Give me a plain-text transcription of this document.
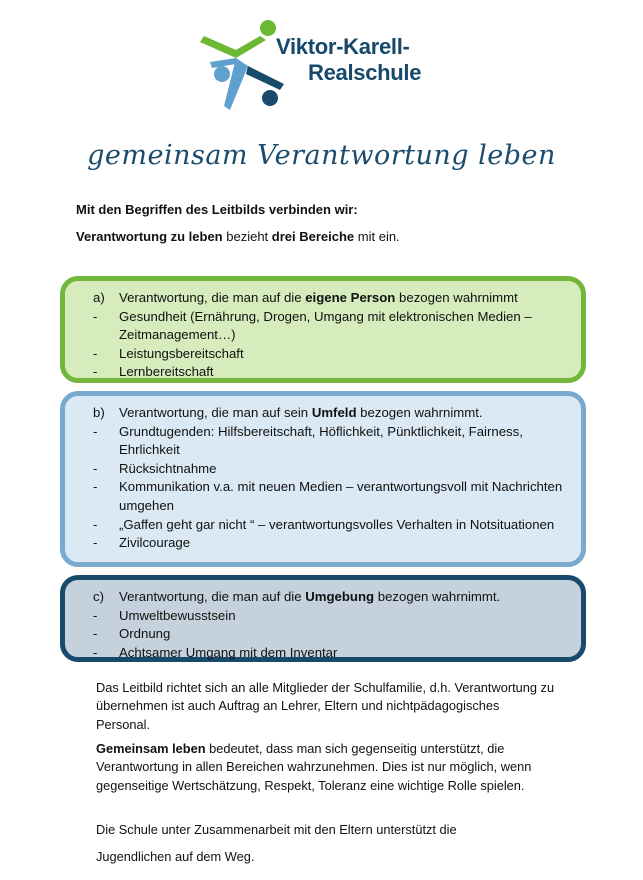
Viktor-Karell-
Realschule
gemeinsam Verantwortung leben
Mit den Begriffen des Leitbilds verbinden wir:
Verantwortung zu leben bezieht drei Bereiche mit ein.
a)	Verantwortung, die man auf die eigene Person bezogen wahrnimmt
-	Gesundheit (Ernährung, Drogen, Umgang mit elektronischen Medien – Zeitmanagement…)
-	Leistungsbereitschaft
-	Lernbereitschaft
b)	Verantwortung, die man auf sein Umfeld bezogen wahrnimmt.
-	Grundtugenden: Hilfsbereitschaft, Höflichkeit, Pünktlichkeit, Fairness, Ehrlichkeit
-	Rücksichtnahme
-	Kommunikation v.a. mit neuen Medien – verantwortungsvoll mit Nachrichten umgehen
-	„Gaffen geht gar nicht “ – verantwortungsvolles Verhalten in Notsituationen
-	Zivilcourage
c)	Verantwortung, die man auf die Umgebung bezogen wahrnimmt.
-	Umweltbewusstsein
-	Ordnung
-	Achtsamer Umgang mit dem Inventar
Das Leitbild richtet sich an alle Mitglieder der Schulfamilie, d.h. Verantwortung zu übernehmen ist auch Auftrag an Lehrer, Eltern und nichtpädagogisches Personal.
Gemeinsam leben bedeutet, dass man sich gegenseitig unterstützt, die Verantwortung in allen Bereichen wahrzunehmen. Dies ist nur möglich, wenn gegenseitige Wertschätzung, Respekt, Toleranz eine wichtige Rolle spielen.
Die Schule unter Zusammenarbeit mit den Eltern unterstützt die
Jugendlichen auf dem Weg.
